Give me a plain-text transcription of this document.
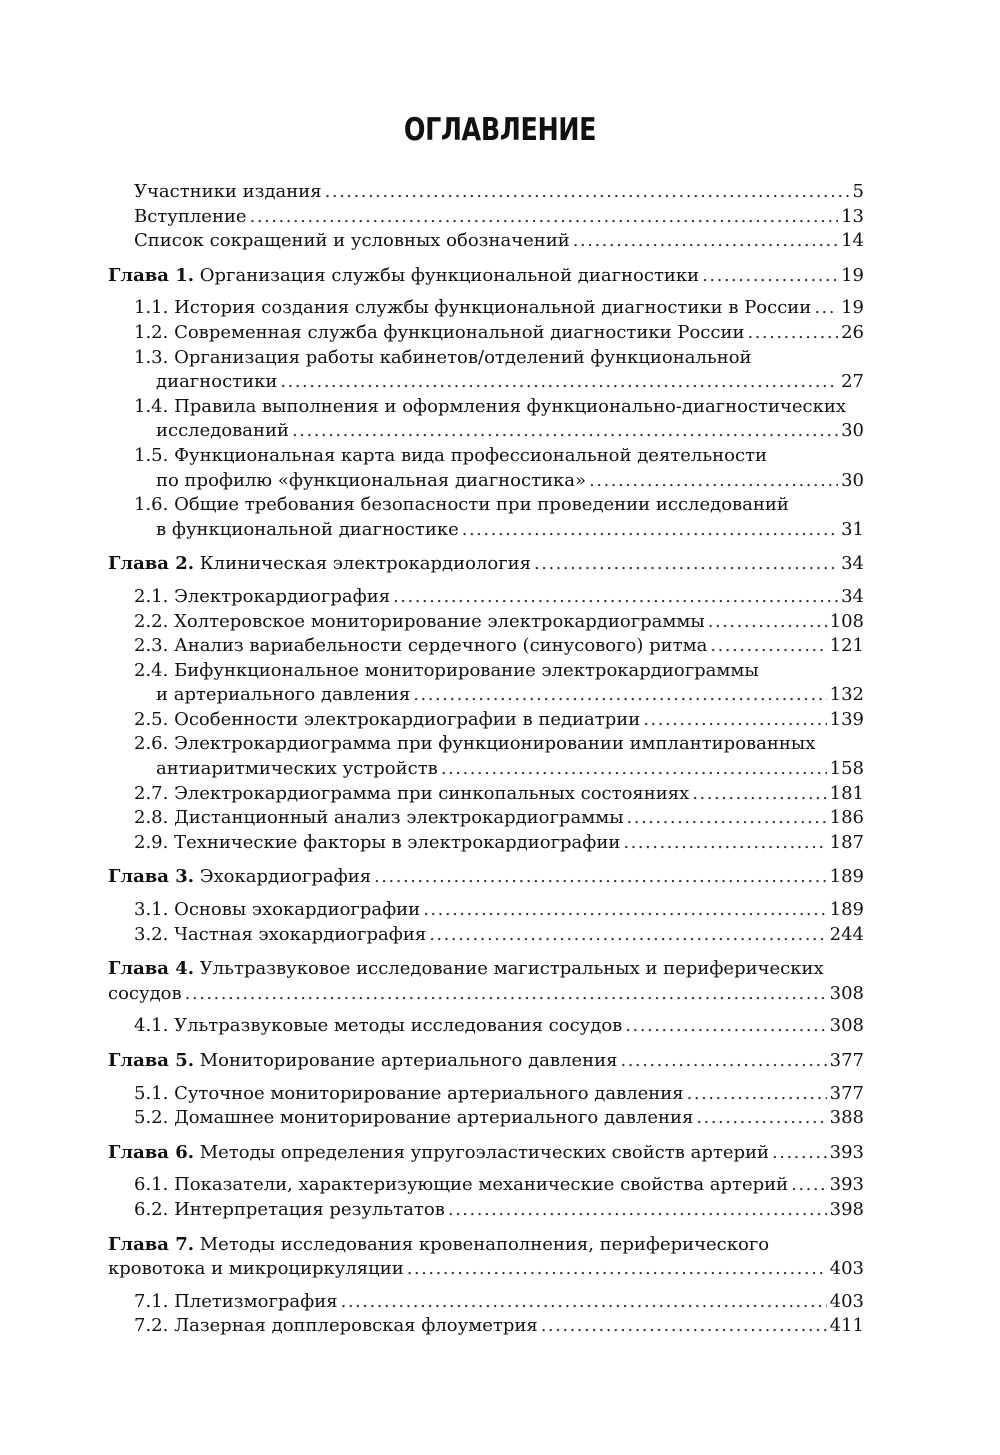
ОГЛАВЛЕНИЕ
Участники издания .....	5
Вступление .....	13
Список сокращений и условных обозначений .....	14
Глава 1. Организация службы функциональной диагностики .....	19
1.1. История создания службы функциональной диагностики в России ..... 19
1.2. Современная служба функциональной диагностики России .....	26
1.3. Организация работы кабинетов/отделений функциональной
диагностики .....	27
1.4. Правила выполнения и оформления функционально-диагностических
исследований .....	30
1.5. Функциональная карта вида профессиональной деятельности
по профилю «функциональная диагностика» .....	30
1.6. Общие требования безопасности при проведении исследований
в функциональной диагностике .....	31
Глава 2. Клиническая электрокардиология .....	34
2.1. Электрокардиография .....	34
2.2. Холтеровское мониторирование электрокардиограммы .....	108
2.3. Анализ вариабельности сердечного (синусового) ритма .....	121
2.4. Бифункциональное мониторирование электрокардиограммы
и артериального давления .....	132
2.5. Особенности электрокардиографии в педиатрии .....	139
2.6. Электрокардиограмма при функционировании имплантированных
антиаритмических устройств .....	158
2.7. Электрокардиограмма при синкопальных состояниях .....	181
2.8. Дистанционный анализ электрокардиограммы .....	186
2.9. Технические факторы в электрокардиографии .....	187
Глава 3. Эхокардиография .....	189
3.1. Основы эхокардиографии .....	189
3.2. Частная эхокардиография .....	244
Глава 4. Ультразвуковое исследование магистральных и периферических
сосудов .....	308
4.1. Ультразвуковые методы исследования сосудов .....	308
Глава 5. Мониторирование артериального давления .....	377
5.1. Суточное мониторирование артериального давления .....	377
5.2. Домашнее мониторирование артериального давления .....	388
Глава 6. Методы определения упругоэластических свойств артерий .....	393
6.1. Показатели, характеризующие механические свойства артерий ..... 393
6.2. Интерпретация результатов .....	398
Глава 7. Методы исследования кровенаполнения, периферического
кровотока и микроциркуляции .....	403
7.1. Плетизмография .....	403
7.2. Лазерная допплеровская флоуметрия .....	411
